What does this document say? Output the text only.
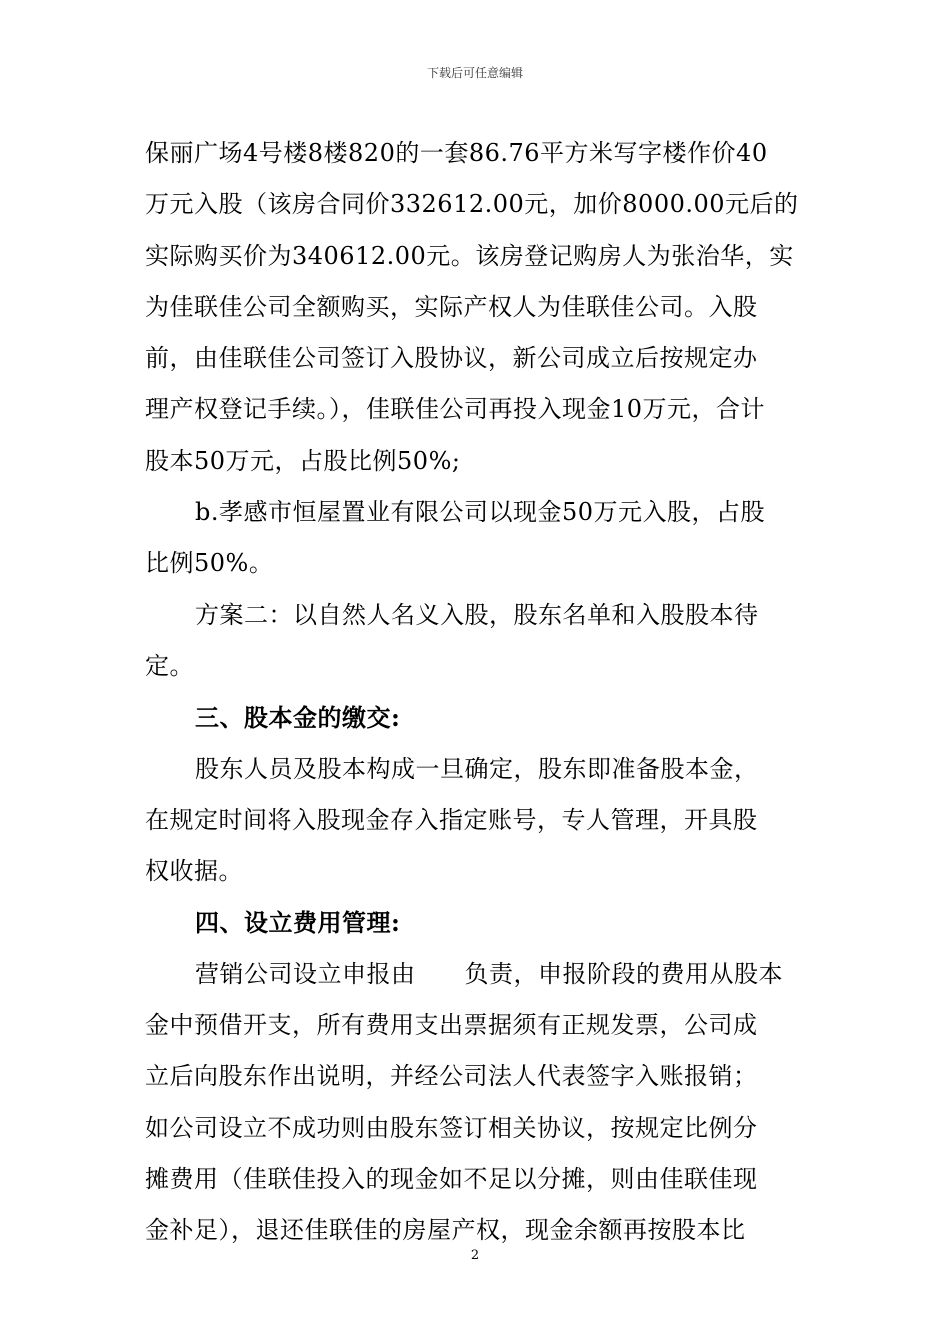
下载后可任意编辑
保丽广场4号楼8楼820的一套86.76平方米写字楼作价40
万元入股（该房合同价332612.00元，加价8000.00元后的
实际购买价为340612.00元。该房登记购房人为张治华，实
为佳联佳公司全额购买，实际产权人为佳联佳公司。入股
前，由佳联佳公司签订入股协议，新公司成立后按规定办
理产权登记手续。），佳联佳公司再投入现金10万元，合计
股本50万元，占股比例50%;
b.孝感市恒屋置业有限公司以现金50万元入股，占股
比例50%。
方案二：以自然人名义入股，股东名单和入股股本待
定。
三、股本金的缴交:
股东人员及股本构成一旦确定，股东即准备股本金，
在规定时间将入股现金存入指定账号，专人管理，开具股
权收据。
四、设立费用管理:
营销公司设立申报由　　负责，申报阶段的费用从股本
金中预借开支，所有费用支出票据须有正规发票，公司成
立后向股东作出说明，并经公司法人代表签字入账报销；
如公司设立不成功则由股东签订相关协议，按规定比例分
摊费用（佳联佳投入的现金如不足以分摊，则由佳联佳现
金补足），退还佳联佳的房屋产权，现金余额再按股本比
2
